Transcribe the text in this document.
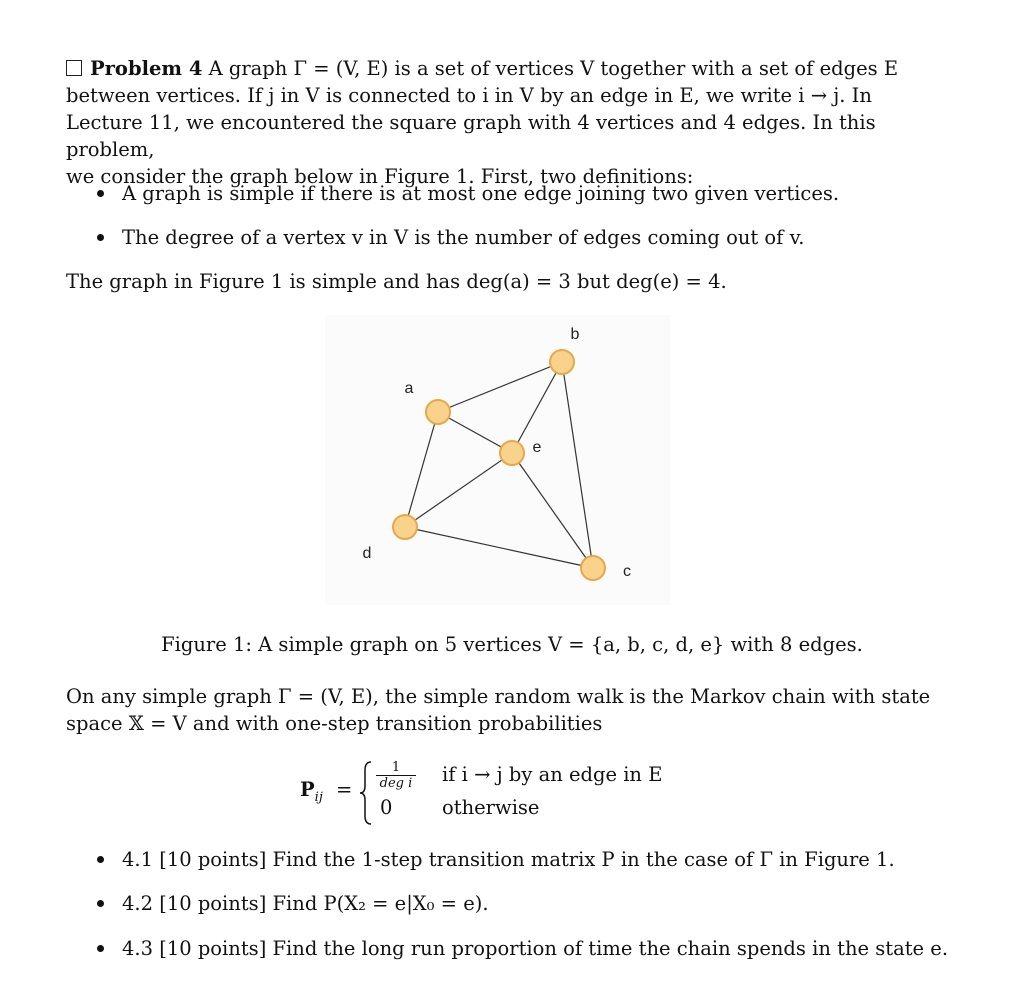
Problem 4 A graph Γ = (V, E) is a set of vertices V together with a set of edges E
between vertices. If j in V is connected to i in V by an edge in E, we write i → j. In
Lecture 11, we encountered the square graph with 4 vertices and 4 edges. In this problem,
we consider the graph below in Figure 1. First, two definitions:
A graph is simple if there is at most one edge joining two given vertices.
The degree of a vertex v in V is the number of edges coming out of v.
The graph in Figure 1 is simple and has deg(a) = 3 but deg(e) = 4.
a
b
c
d
e
Figure 1: A simple graph on 5 vertices V = {a, b, c, d, e} with 8 edges.
On any simple graph Γ = (V, E), the simple random walk is the Markov chain with state
space 𝕏 = V and with one-step transition probabilities
$P_{ij}$ =
1
deg i if i → j by an edge in E
0	otherwise
4.1 [10 points] Find the 1-step transition matrix P in the case of Γ in Figure 1.
4.2 [10 points] Find P(X₂ = e|X₀ = e).
4.3 [10 points] Find the long run proportion of time the chain spends in the state e.
